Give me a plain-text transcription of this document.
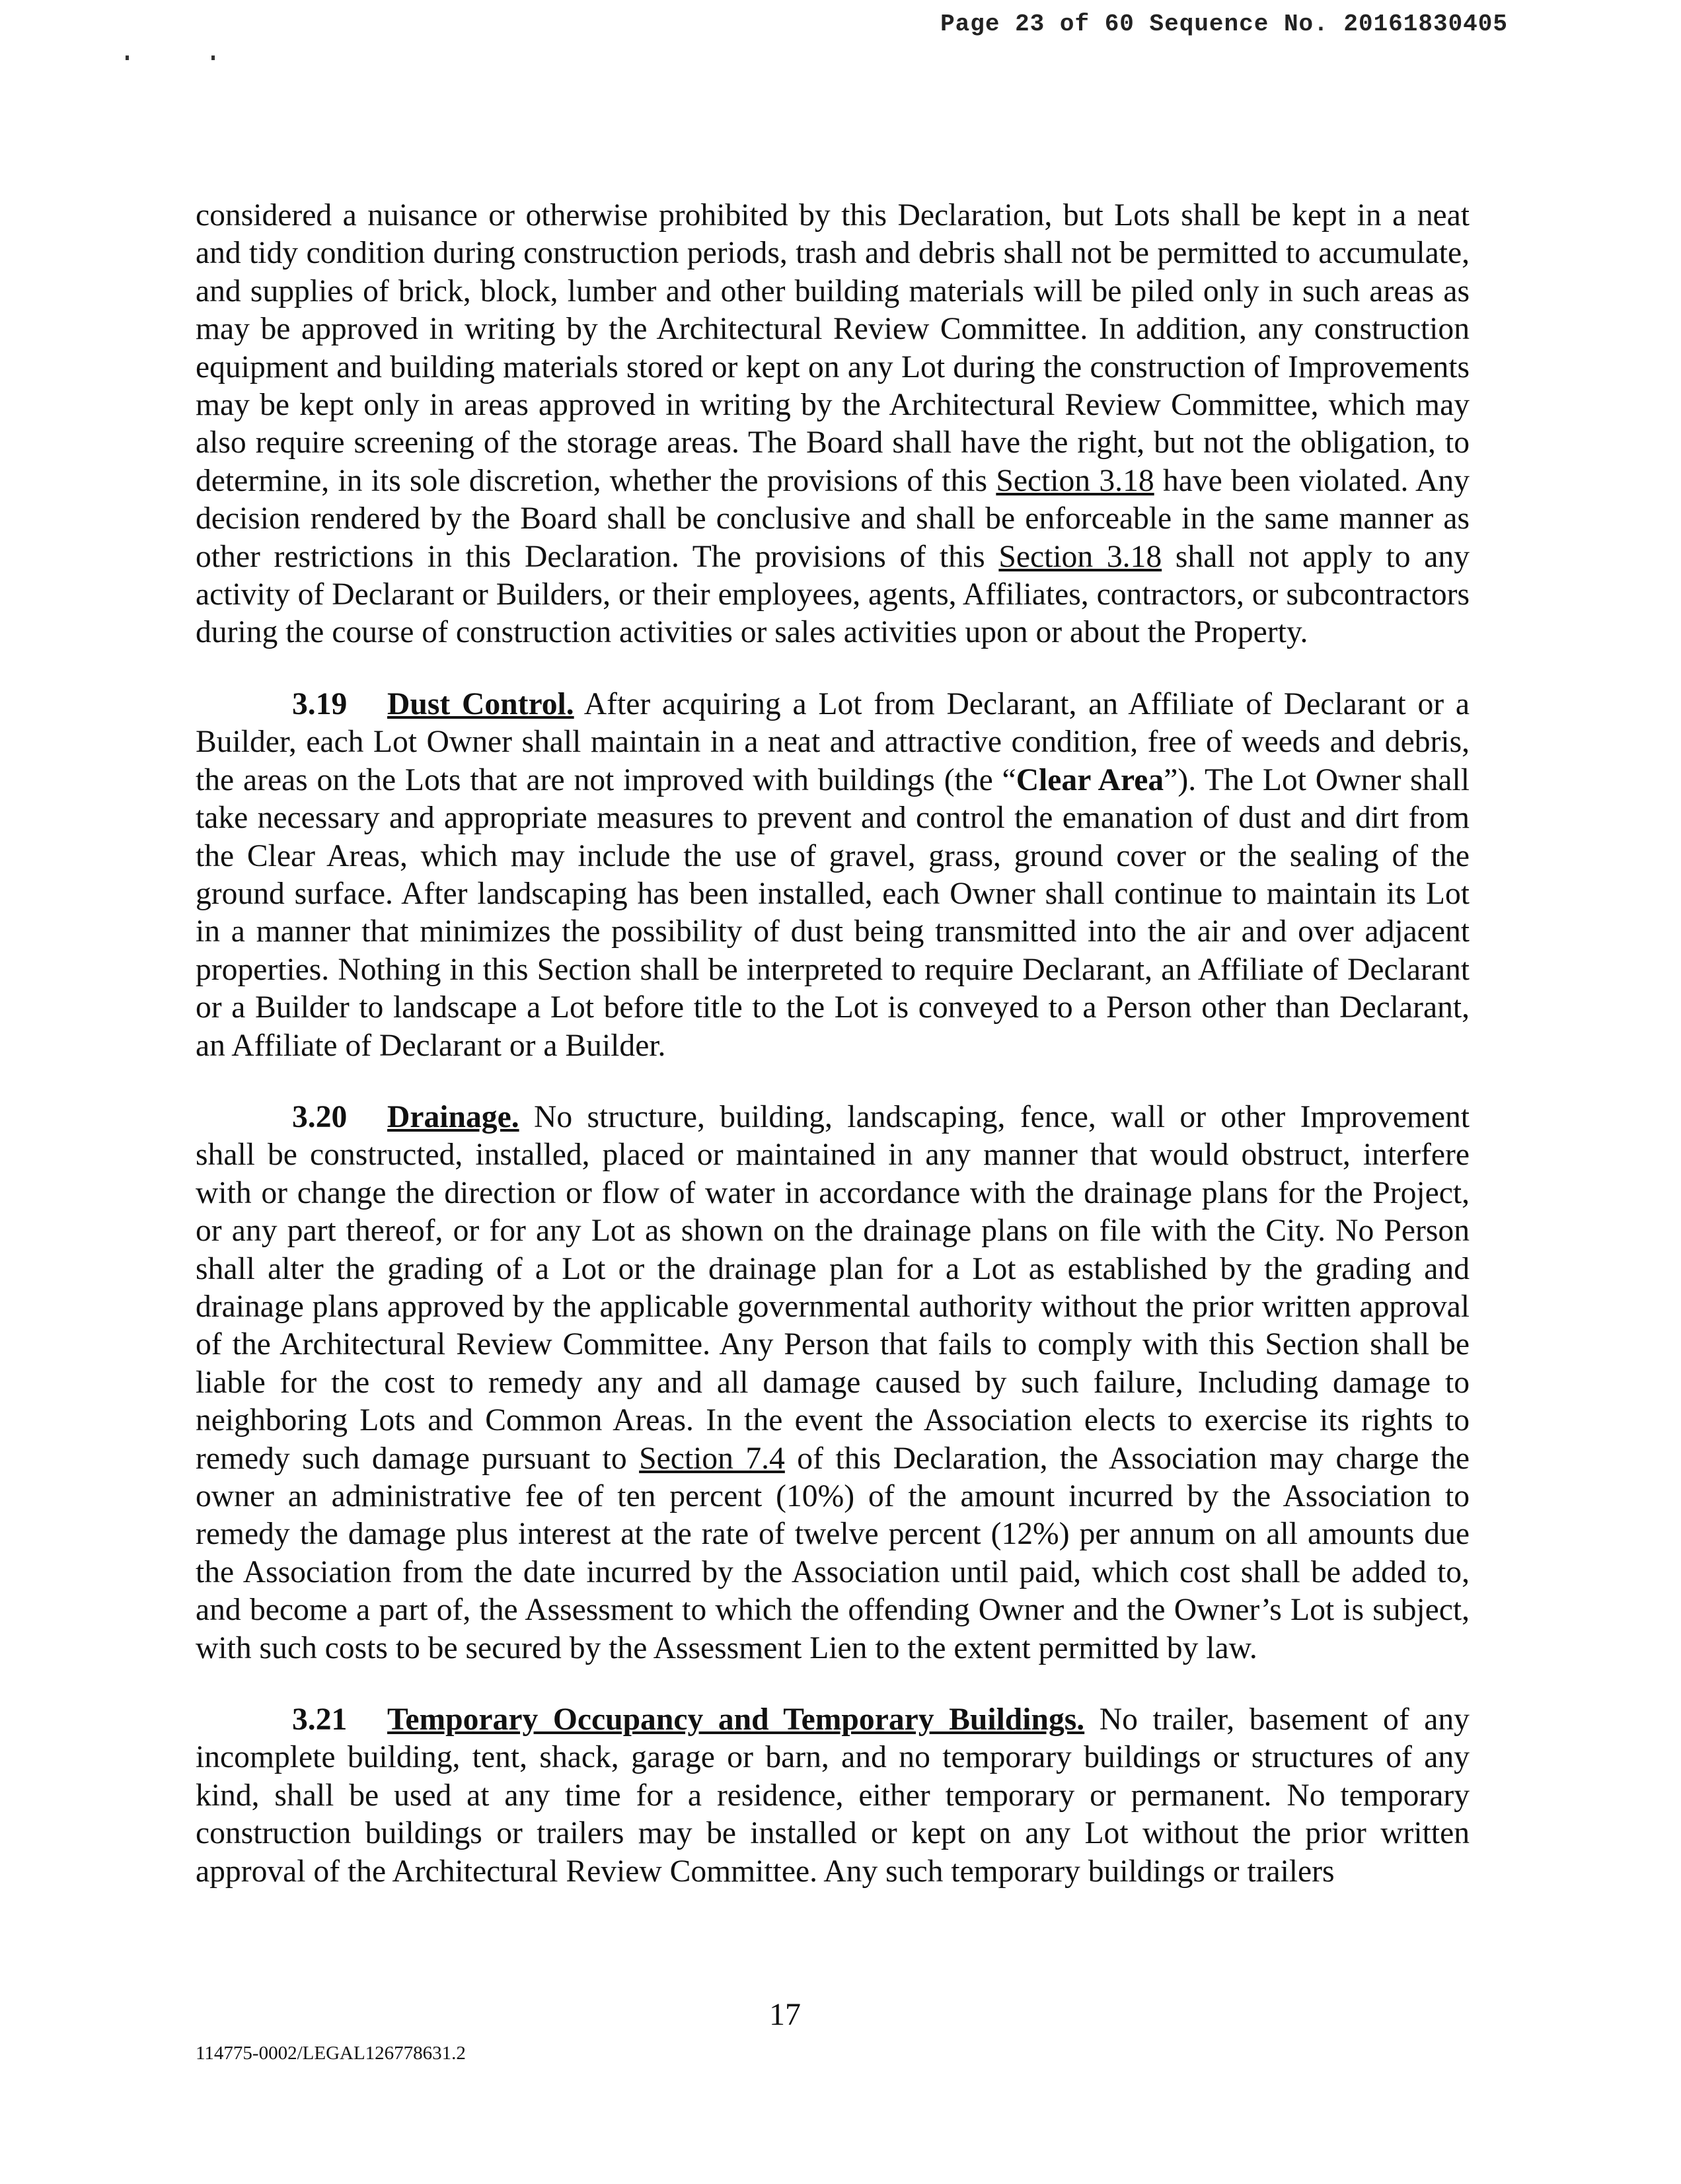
Page 23 of 60 Sequence No. 20161830405

considered a nuisance or otherwise prohibited by this Declaration, but Lots shall be kept in a neat and tidy condition during construction periods, trash and debris shall not be permitted to accumulate, and supplies of brick, block, lumber and other building materials will be piled only in such areas as may be approved in writing by the Architectural Review Committee. In addition, any construction equipment and building materials stored or kept on any Lot during the construction of Improvements may be kept only in areas approved in writing by the Architectural Review Committee, which may also require screening of the storage areas. The Board shall have the right, but not the obligation, to determine, in its sole discretion, whether the provisions of this Section 3.18 have been violated. Any decision rendered by the Board shall be conclusive and shall be enforceable in the same manner as other restrictions in this Declaration. The provisions of this Section 3.18 shall not apply to any activity of Declarant or Builders, or their employees, agents, Affiliates, contractors, or subcontractors during the course of construction activities or sales activities upon or about the Property.

3.19 Dust Control. After acquiring a Lot from Declarant, an Affiliate of Declarant or a Builder, each Lot Owner shall maintain in a neat and attractive condition, free of weeds and debris, the areas on the Lots that are not improved with buildings (the “Clear Area”). The Lot Owner shall take necessary and appropriate measures to prevent and control the emanation of dust and dirt from the Clear Areas, which may include the use of gravel, grass, ground cover or the sealing of the ground surface. After landscaping has been installed, each Owner shall continue to maintain its Lot in a manner that minimizes the possibility of dust being transmitted into the air and over adjacent properties. Nothing in this Section shall be interpreted to require Declarant, an Affiliate of Declarant or a Builder to landscape a Lot before title to the Lot is conveyed to a Person other than Declarant, an Affiliate of Declarant or a Builder.

3.20 Drainage. No structure, building, landscaping, fence, wall or other Improvement shall be constructed, installed, placed or maintained in any manner that would obstruct, interfere with or change the direction or flow of water in accordance with the drainage plans for the Project, or any part thereof, or for any Lot as shown on the drainage plans on file with the City. No Person shall alter the grading of a Lot or the drainage plan for a Lot as established by the grading and drainage plans approved by the applicable governmental authority without the prior written approval of the Architectural Review Committee. Any Person that fails to comply with this Section shall be liable for the cost to remedy any and all damage caused by such failure, Including damage to neighboring Lots and Common Areas. In the event the Association elects to exercise its rights to remedy such damage pursuant to Section 7.4 of this Declaration, the Association may charge the owner an administrative fee of ten percent (10%) of the amount incurred by the Association to remedy the damage plus interest at the rate of twelve percent (12%) per annum on all amounts due the Association from the date incurred by the Association until paid, which cost shall be added to, and become a part of, the Assessment to which the offending Owner and the Owner’s Lot is subject, with such costs to be secured by the Assessment Lien to the extent permitted by law.

3.21 Temporary Occupancy and Temporary Buildings. No trailer, basement of any incomplete building, tent, shack, garage or barn, and no temporary buildings or structures of any kind, shall be used at any time for a residence, either temporary or permanent. No temporary construction buildings or trailers may be installed or kept on any Lot without the prior written approval of the Architectural Review Committee. Any such temporary buildings or trailers

17
114775-0002/LEGAL126778631.2
